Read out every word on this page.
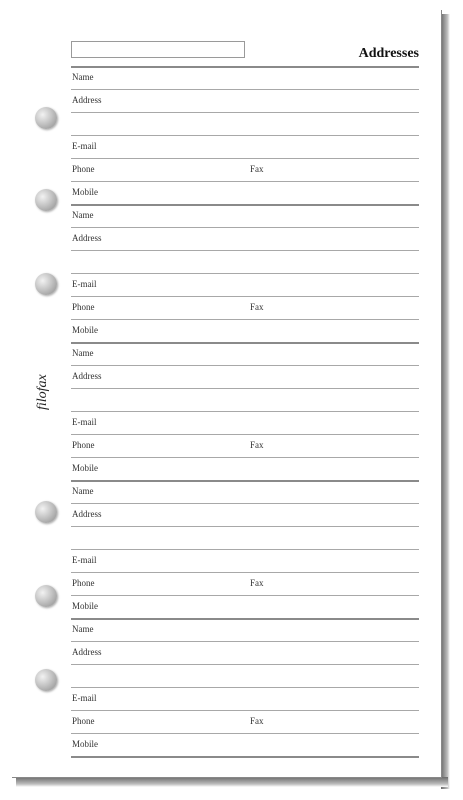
Addresses
filofax
Name
Address
E-mail
Phone	Fax
Mobile
Name
Address
E-mail
Phone	Fax
Mobile
Name
Address
E-mail
Phone	Fax
Mobile
Name
Address
E-mail
Phone	Fax
Mobile
Name
Address
E-mail
Phone	Fax
Mobile
